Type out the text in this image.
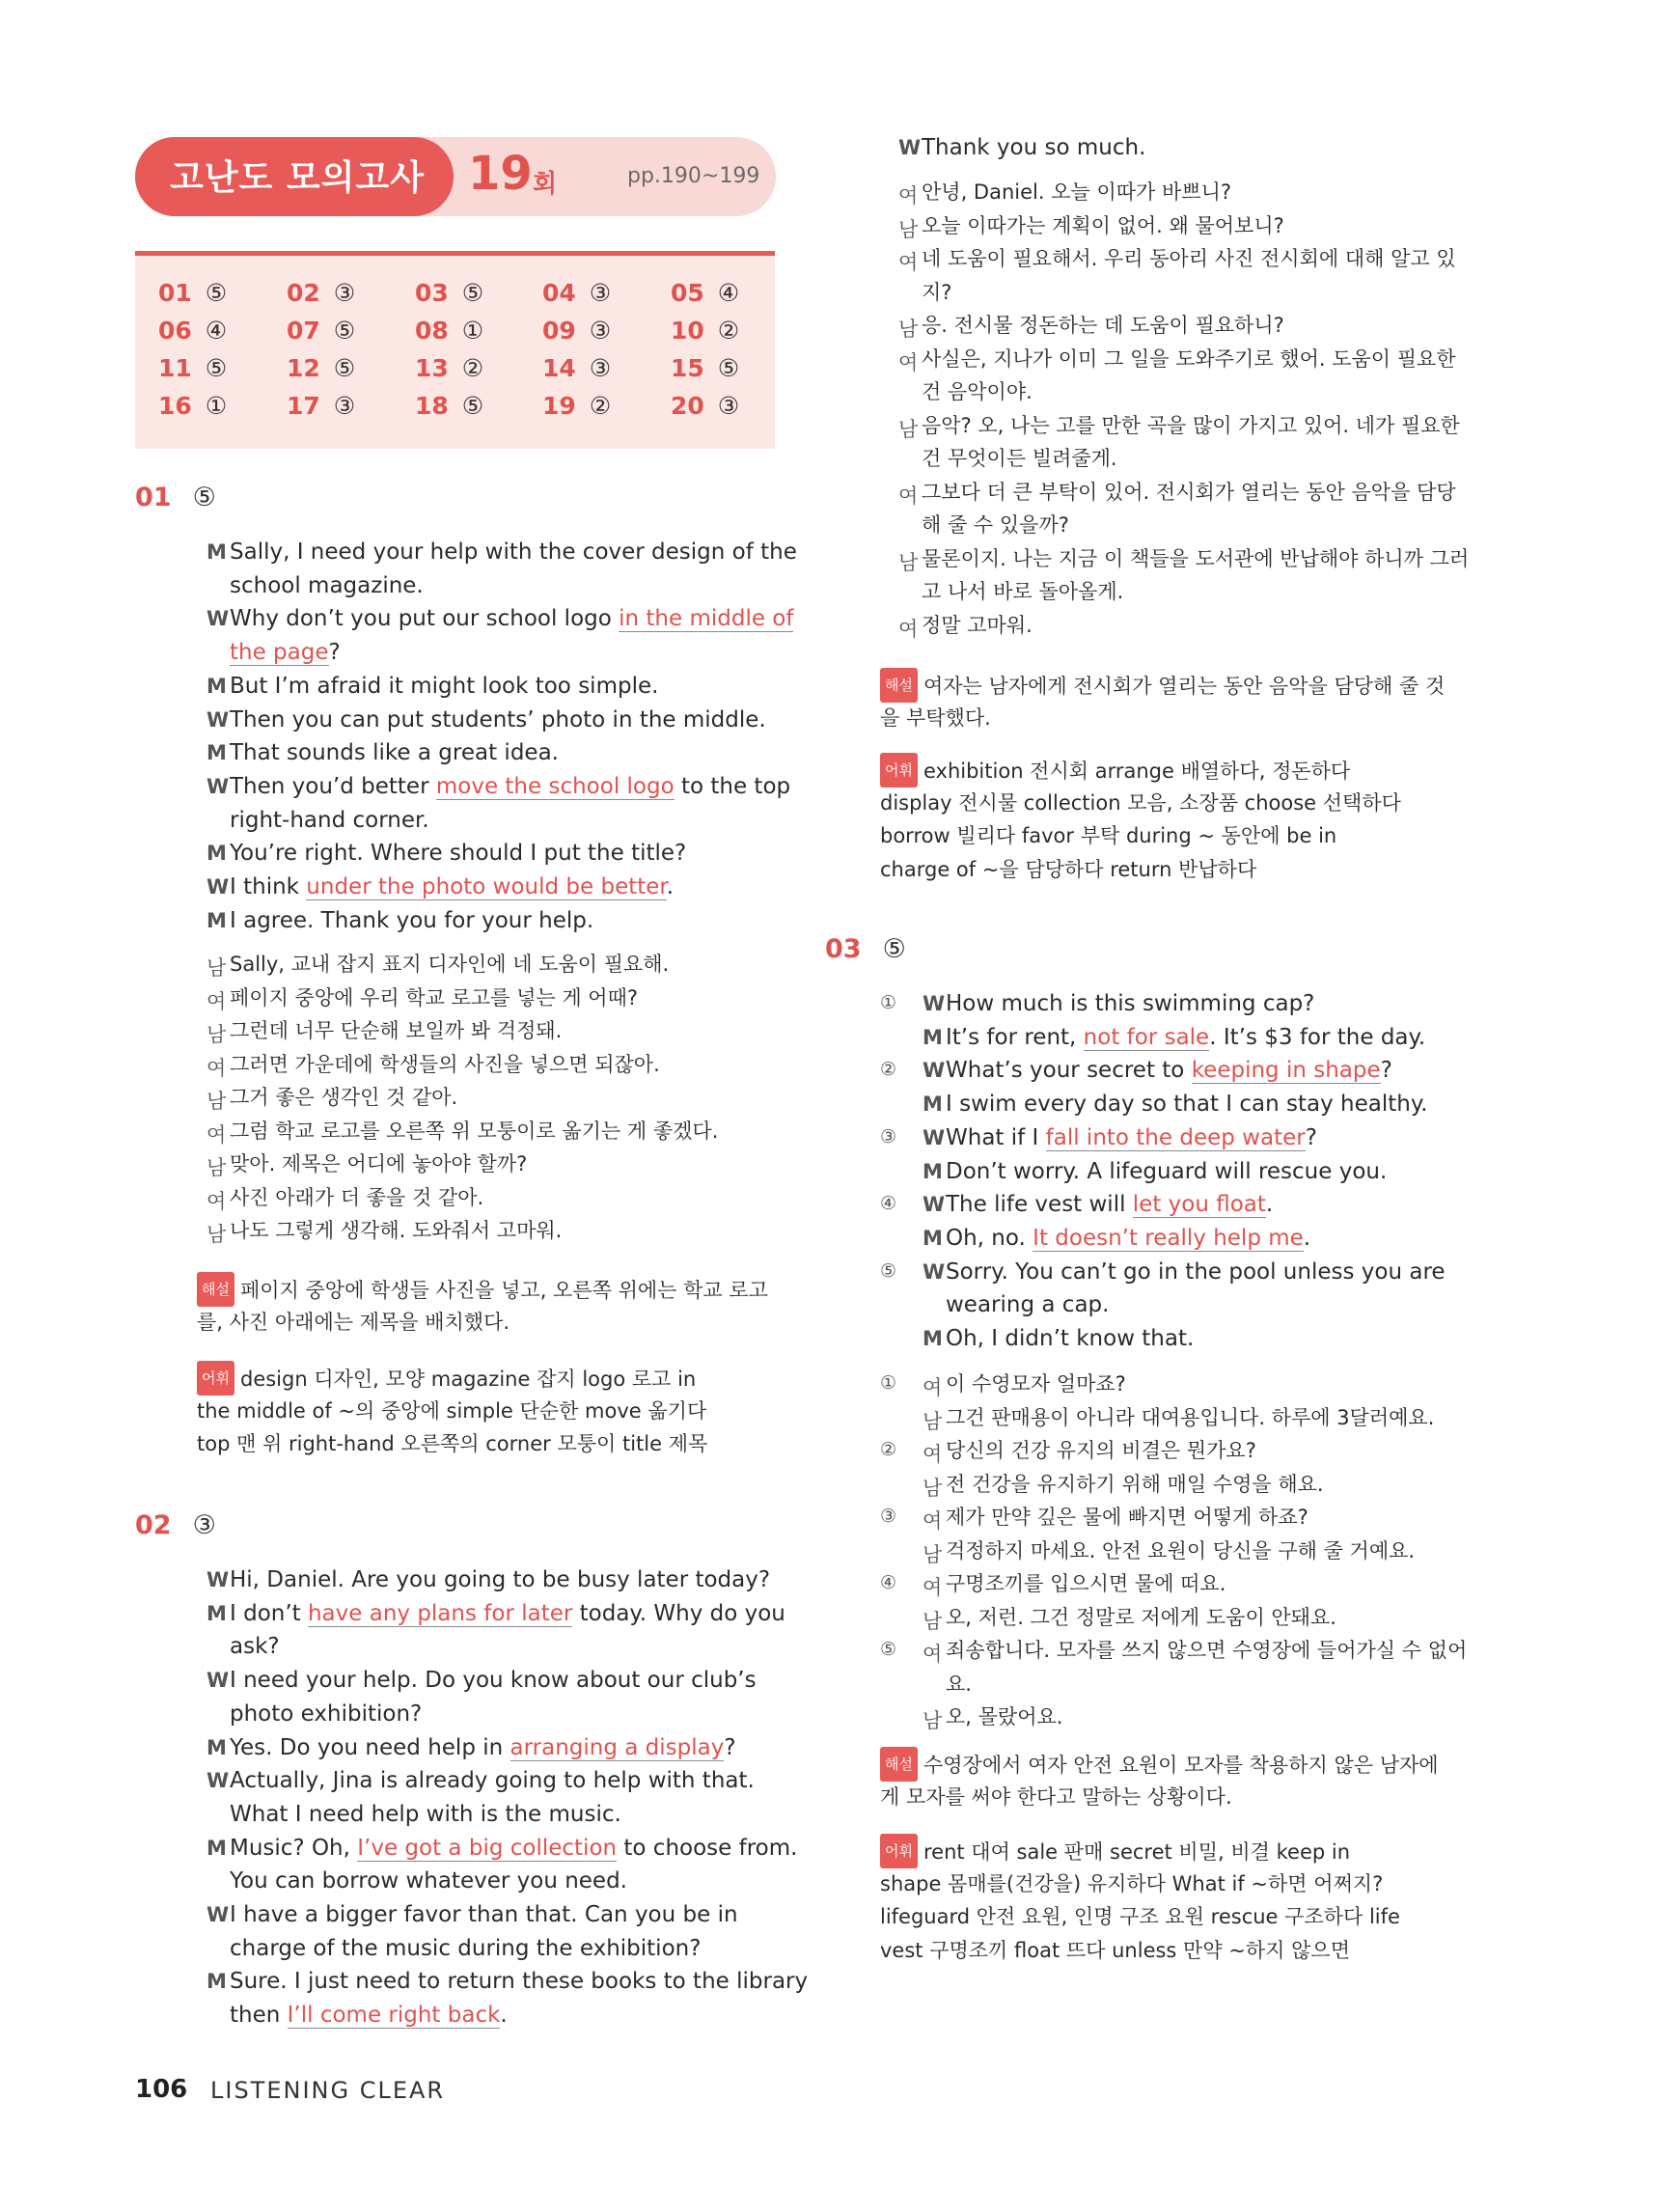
고난도 모의고사 19 회	pp.190~199
01 ⑤ 02 ③ 03 ⑤ 04 ③ 05 ④
06 ④ 07 ⑤ 08 ① 09 ③ 10 ②
11 ⑤ 12 ⑤ 13 ② 14 ③ 15 ⑤
16 ① 17 ③ 18 ⑤ 19 ② 20 ③
01 ⑤
M Sally, I need your help with the cover design of the
school magazine.
W Why don’t you put our school logo in the middle of
the page?
M But I’m afraid it might look too simple.
W Then you can put students’ photo in the middle.
M That sounds like a great idea.
W Then you’d better move the school logo to the top
right-hand corner.
M You’re right. Where should I put the title?
W I think under the photo would be better.
M I agree. Thank you for your help.
남 Sally, 교내 잡지 표지 디자인에 네 도움이 필요해.
여 페이지 중앙에 우리 학교 로고를 넣는 게 어때?
남 그런데 너무 단순해 보일까 봐 걱정돼.
여 그러면 가운데에 학생들의 사진을 넣으면 되잖아.
남 그거 좋은 생각인 것 같아.
여 그럼 학교 로고를 오른쪽 위 모퉁이로 옮기는 게 좋겠다.
남 맞아. 제목은 어디에 놓아야 할까?
여 사진 아래가 더 좋을 것 같아.
남 나도 그렇게 생각해. 도와줘서 고마워.
해설 페이지 중앙에 학생들 사진을 넣고, 오른쪽 위에는 학교 로고
를, 사진 아래에는 제목을 배치했다.
어휘 design 디자인, 모양 magazine 잡지 logo 로고 in
the middle of ~의 중앙에 simple 단순한 move 옮기다
top 맨 위 right-hand 오른쪽의 corner 모퉁이 title 제목
02 ③
W Hi, Daniel. Are you going to be busy later today?
M I don’t have any plans for later today. Why do you
ask?
W I need your help. Do you know about our club’s
photo exhibition?
M Yes. Do you need help in arranging a display?
W Actually, Jina is already going to help with that.
What I need help with is the music.
M Music? Oh, I’ve got a big collection to choose from.
You can borrow whatever you need.
W I have a bigger favor than that. Can you be in
charge of the music during the exhibition?
M Sure. I just need to return these books to the library
then I’ll come right back.
W Thank you so much.
여 안녕, Daniel. 오늘 이따가 바쁘니?
남 오늘 이따가는 계획이 없어. 왜 물어보니?
여 네 도움이 필요해서. 우리 동아리 사진 전시회에 대해 알고 있
지?
남 응. 전시물 정돈하는 데 도움이 필요하니?
여 사실은, 지나가 이미 그 일을 도와주기로 했어. 도움이 필요한
건 음악이야.
남 음악? 오, 나는 고를 만한 곡을 많이 가지고 있어. 네가 필요한
건 무엇이든 빌려줄게.
여 그보다 더 큰 부탁이 있어. 전시회가 열리는 동안 음악을 담당
해 줄 수 있을까?
남 물론이지. 나는 지금 이 책들을 도서관에 반납해야 하니까 그러
고 나서 바로 돌아올게.
여 정말 고마워.
해설 여자는 남자에게 전시회가 열리는 동안 음악을 담당해 줄 것
을 부탁했다.
어휘 exhibition 전시회 arrange 배열하다, 정돈하다
display 전시물 collection 모음, 소장품 choose 선택하다
borrow 빌리다 favor 부탁 during ~ 동안에 be in
charge of ~을 담당하다 return 반납하다
03 ⑤
① W How much is this swimming cap?
M It’s for rent, not for sale. It’s $3 for the day.
② W What’s your secret to keeping in shape?
M I swim every day so that I can stay healthy.
③ W What if I fall into the deep water?
M Don’t worry. A lifeguard will rescue you.
④ W The life vest will let you float.
M Oh, no. It doesn’t really help me.
⑤ W Sorry. You can’t go in the pool unless you are
wearing a cap.
M Oh, I didn’t know that.
① 여 이 수영모자 얼마죠?
남 그건 판매용이 아니라 대여용입니다. 하루에 3달러예요.
② 여 당신의 건강 유지의 비결은 뭔가요?
남 전 건강을 유지하기 위해 매일 수영을 해요.
③ 여 제가 만약 깊은 물에 빠지면 어떻게 하죠?
남 걱정하지 마세요. 안전 요원이 당신을 구해 줄 거예요.
④ 여 구명조끼를 입으시면 물에 떠요.
남 오, 저런. 그건 정말로 저에게 도움이 안돼요.
⑤ 여 죄송합니다. 모자를 쓰지 않으면 수영장에 들어가실 수 없어
요.
남 오, 몰랐어요.
해설 수영장에서 여자 안전 요원이 모자를 착용하지 않은 남자에
게 모자를 써야 한다고 말하는 상황이다.
어휘 rent 대여 sale 판매 secret 비밀, 비결 keep in
shape 몸매를(건강을) 유지하다 What if ~하면 어쩌지?
lifeguard 안전 요원, 인명 구조 요원 rescue 구조하다 life
vest 구명조끼 float 뜨다 unless 만약 ~하지 않으면
106 LISTENING CLEAR
